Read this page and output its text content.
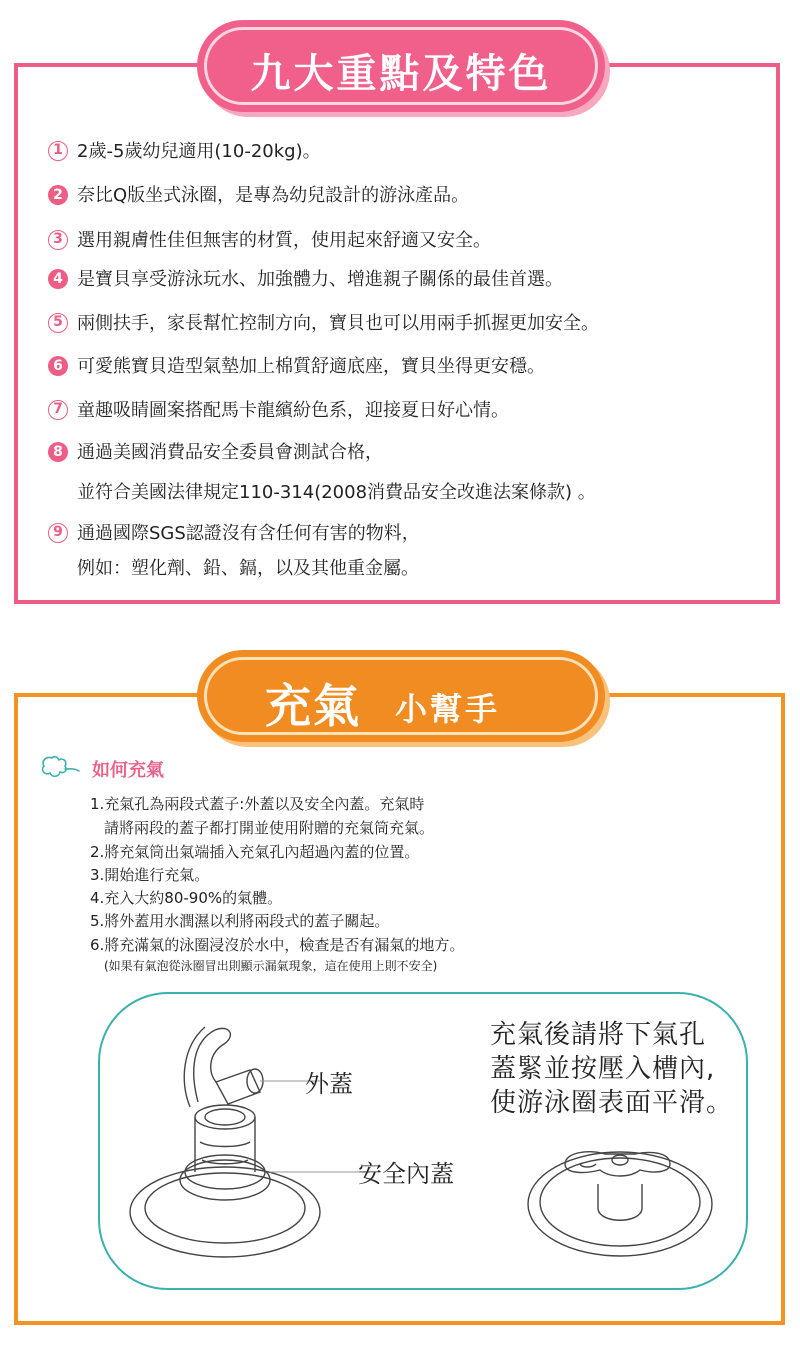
九大重點及特色
1 2歲-5歲幼兒適用(10-20kg)。
2 奈比Q版坐式泳圈，是專為幼兒設計的游泳產品。
3 選用親膚性佳但無害的材質，使用起來舒適又安全。
4 是寶貝享受游泳玩水、加強體力、增進親子關係的最佳首選。
5 兩側扶手，家長幫忙控制方向，寶貝也可以用兩手抓握更加安全。
6 可愛熊寶貝造型氣墊加上棉質舒適底座，寶貝坐得更安穩。
7 童趣吸睛圖案搭配馬卡龍繽紛色系，迎接夏日好心情。
8 通過美國消費品安全委員會測試合格，
並符合美國法律規定110-314(2008消費品安全改進法案條款) 。
9 通過國際SGS認證沒有含任何有害的物料，
例如：塑化劑、鉛、鎘，以及其他重金屬。
充氣 小幫手
如何充氣
1.充氣孔為兩段式蓋子:外蓋以及安全內蓋。充氣時
請將兩段的蓋子都打開並使用附贈的充氣筒充氣。
2.將充氣筒出氣端插入充氣孔內超過內蓋的位置。
3.開始進行充氣。
4.充入大約80-90%的氣體。
5.將外蓋用水潤濕以利將兩段式的蓋子關起。
6.將充滿氣的泳圈浸沒於水中，檢查是否有漏氣的地方。
(如果有氣泡從泳圈冒出則顯示漏氣現象，這在使用上則不安全)
外蓋
安全內蓋
充氣後請將下氣孔
蓋緊並按壓入槽內,
使游泳圈表面平滑。
